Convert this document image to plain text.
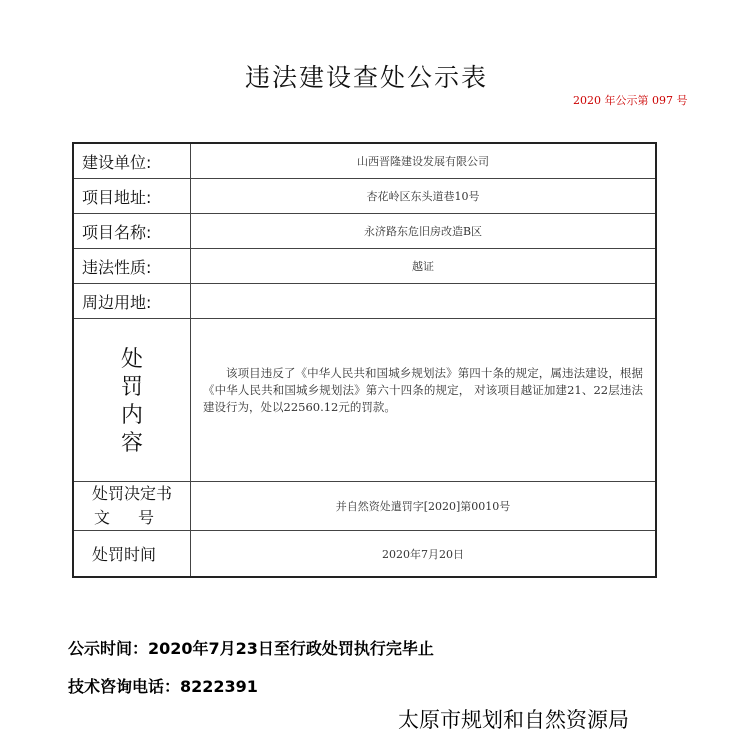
违法建设查处公示表
2020 年公示第 097 号
建设单位:	山西晋隆建设发展有限公司
项目地址:	杏花岭区东头道巷10号
项目名称:	永济路东危旧房改造B区
违法性质:	越证
周边用地:	

处
罚
内
容	该项目违反了《中华人民共和国城乡规划法》第四十条的规定，属违法建设，根据《中华人民共和国城乡规划法》第六十四条的规定， 对该项目越证加建21、22层违法建设行为，处以22560.12元的罚款。

处罚决定书
文号	并自然资处遣罚字[2020]第0010号
处罚时间	2020年7月20日
公示时间：2020年7月23日至行政处罚执行完毕止
技术咨询电话：8222391
太原市规划和自然资源局
